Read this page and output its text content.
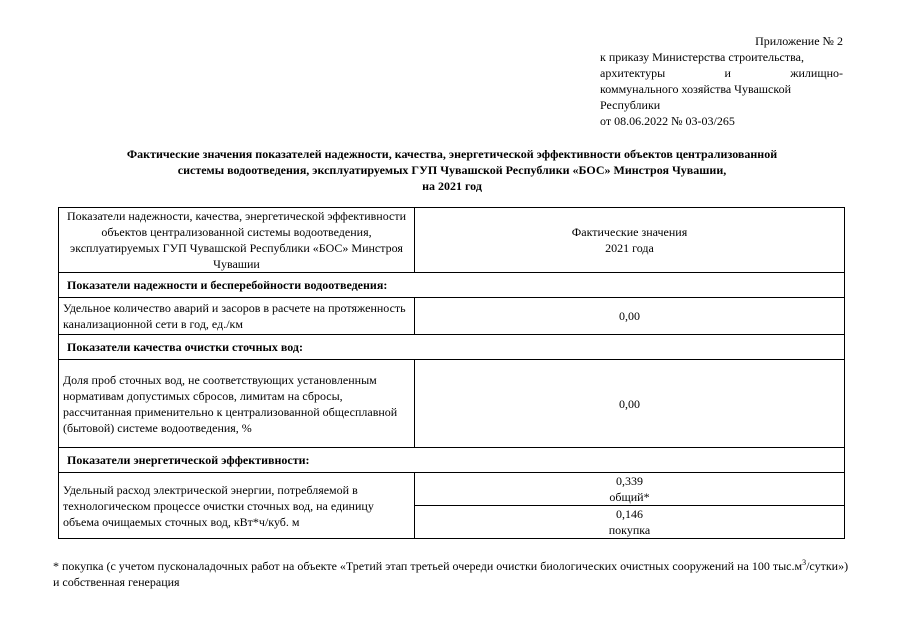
Приложение № 2
к приказу Министерства строительства,
архитектуры	и	жилищно-
коммунального хозяйства Чувашской
Республики
от 08.06.2022 № 03-03/265
Фактические значения показателей надежности, качества, энергетической эффективности объектов централизованной
системы водоотведения, эксплуатируемых ГУП Чувашской Республики «БОС» Минстроя Чувашии,
на 2021 год
Показатели надежности, качества, энергетической эффективности объектов централизованной системы водоотведения, эксплуатируемых ГУП Чувашской Республики «БОС» Минстроя Чувашии	Фактические значения
2021 года

Показатели надежности и бесперебойности водоотведения:	
Удельное количество аварий и засоров в расчете на протяженность канализационной сети в год, ед./км	0,00
Показатели качества очистки сточных вод:	
Доля проб сточных вод, не соответствующих установленным нормативам допустимых сбросов, лимитам на сбросы, рассчитанная применительно к централизованной общесплавной (бытовой) системе водоотведения, %	0,00
Показатели энергетической эффективности:	
Удельный расход электрической энергии, потребляемой в технологическом процессе очистки сточных вод, на единицу объема очищаемых сточных вод, кВт*ч/куб. м	0,339
общий*

	0,146
покупка
* покупка (с учетом пусконаладочных работ на объекте «Третий этап третьей очереди очистки биологических очистных сооружений на 100 $тыс.м^3/сутки$») и собственная генерация
